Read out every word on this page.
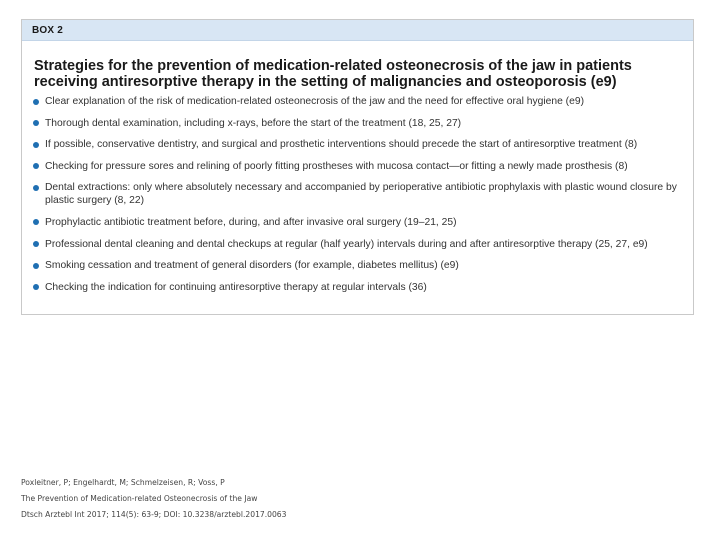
BOX 2
Strategies for the prevention of medication-related osteonecrosis of the jaw in patients receiving antiresorptive therapy in the setting of malignancies and osteoporosis (e9)
Clear explanation of the risk of medication-related osteonecrosis of the jaw and the need for effective oral hygiene (e9)
Thorough dental examination, including x-rays, before the start of the treatment (18, 25, 27)
If possible, conservative dentistry, and surgical and prosthetic interventions should precede the start of antiresorptive treatment (8)
Checking for pressure sores and relining of poorly fitting prostheses with mucosa contact—or fitting a newly made prosthesis (8)
Dental extractions: only where absolutely necessary and accompanied by perioperative antibiotic prophylaxis with plastic wound closure by plastic surgery (8, 22)
Prophylactic antibiotic treatment before, during, and after invasive oral surgery (19–21, 25)
Professional dental cleaning and dental checkups at regular (half yearly) intervals during and after antiresorptive therapy (25, 27, e9)
Smoking cessation and treatment of general disorders (for example, diabetes mellitus) (e9)
Checking the indication for continuing antiresorptive therapy at regular intervals (36)
Poxleitner, P; Engelhardt, M; Schmelzeisen, R; Voss, P
The Prevention of Medication-related Osteonecrosis of the Jaw
Dtsch Arztebl Int 2017; 114(5): 63-9; DOI: 10.3238/arztebl.2017.0063
